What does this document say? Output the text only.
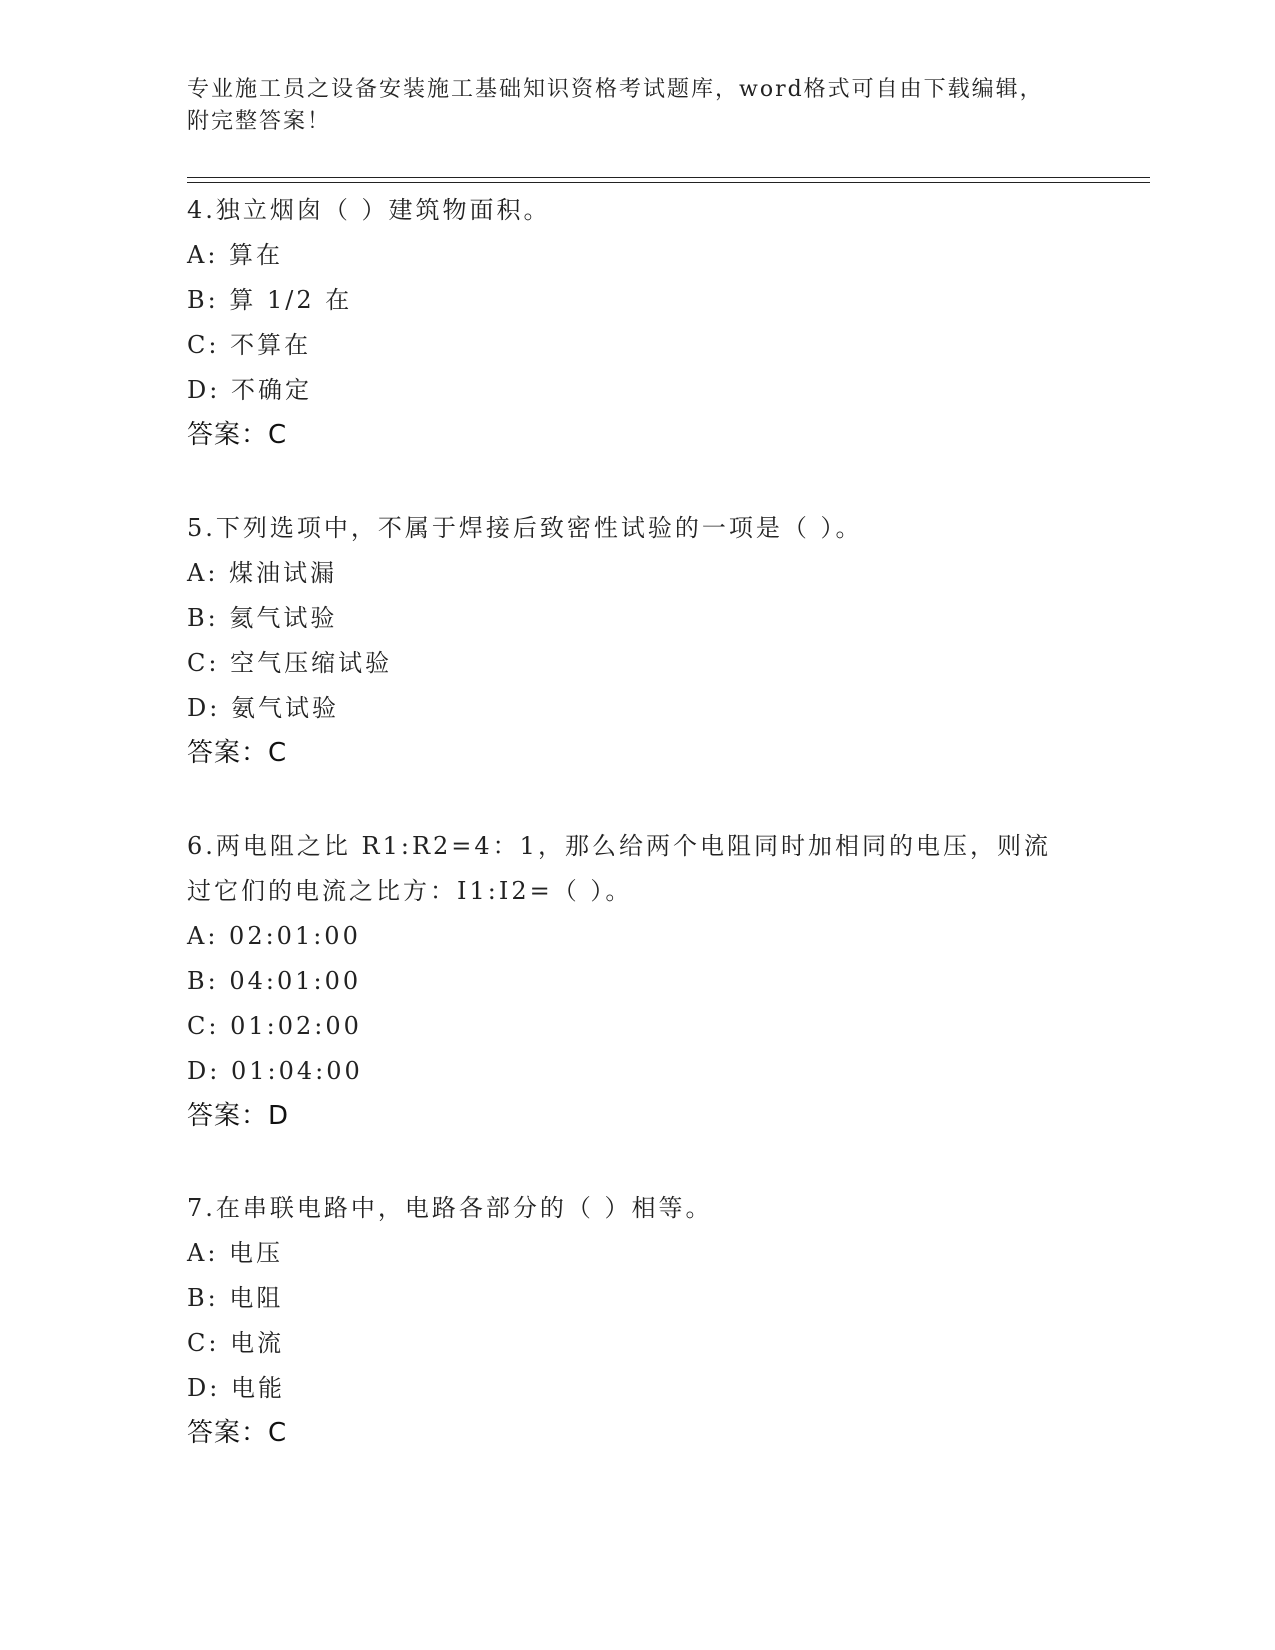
专业施工员之设备安装施工基础知识资格考试题库，word格式可自由下载编辑，
附完整答案！
4.独立烟囱（ ）建筑物面积。
A: 算在
B: 算 1/2 在
C: 不算在
D: 不确定
答案：C
5.下列选项中，不属于焊接后致密性试验的一项是（ ）。
A: 煤油试漏
B: 氦气试验
C: 空气压缩试验
D: 氨气试验
答案：C
6.两电阻之比 R1:R2=4：1，那么给两个电阻同时加相同的电压，则流
过它们的电流之比方：I1:I2=（ ）。
A: 02:01:00
B: 04:01:00
C: 01:02:00
D: 01:04:00
答案：D
7.在串联电路中，电路各部分的（ ）相等。
A: 电压
B: 电阻
C: 电流
D: 电能
答案：C
